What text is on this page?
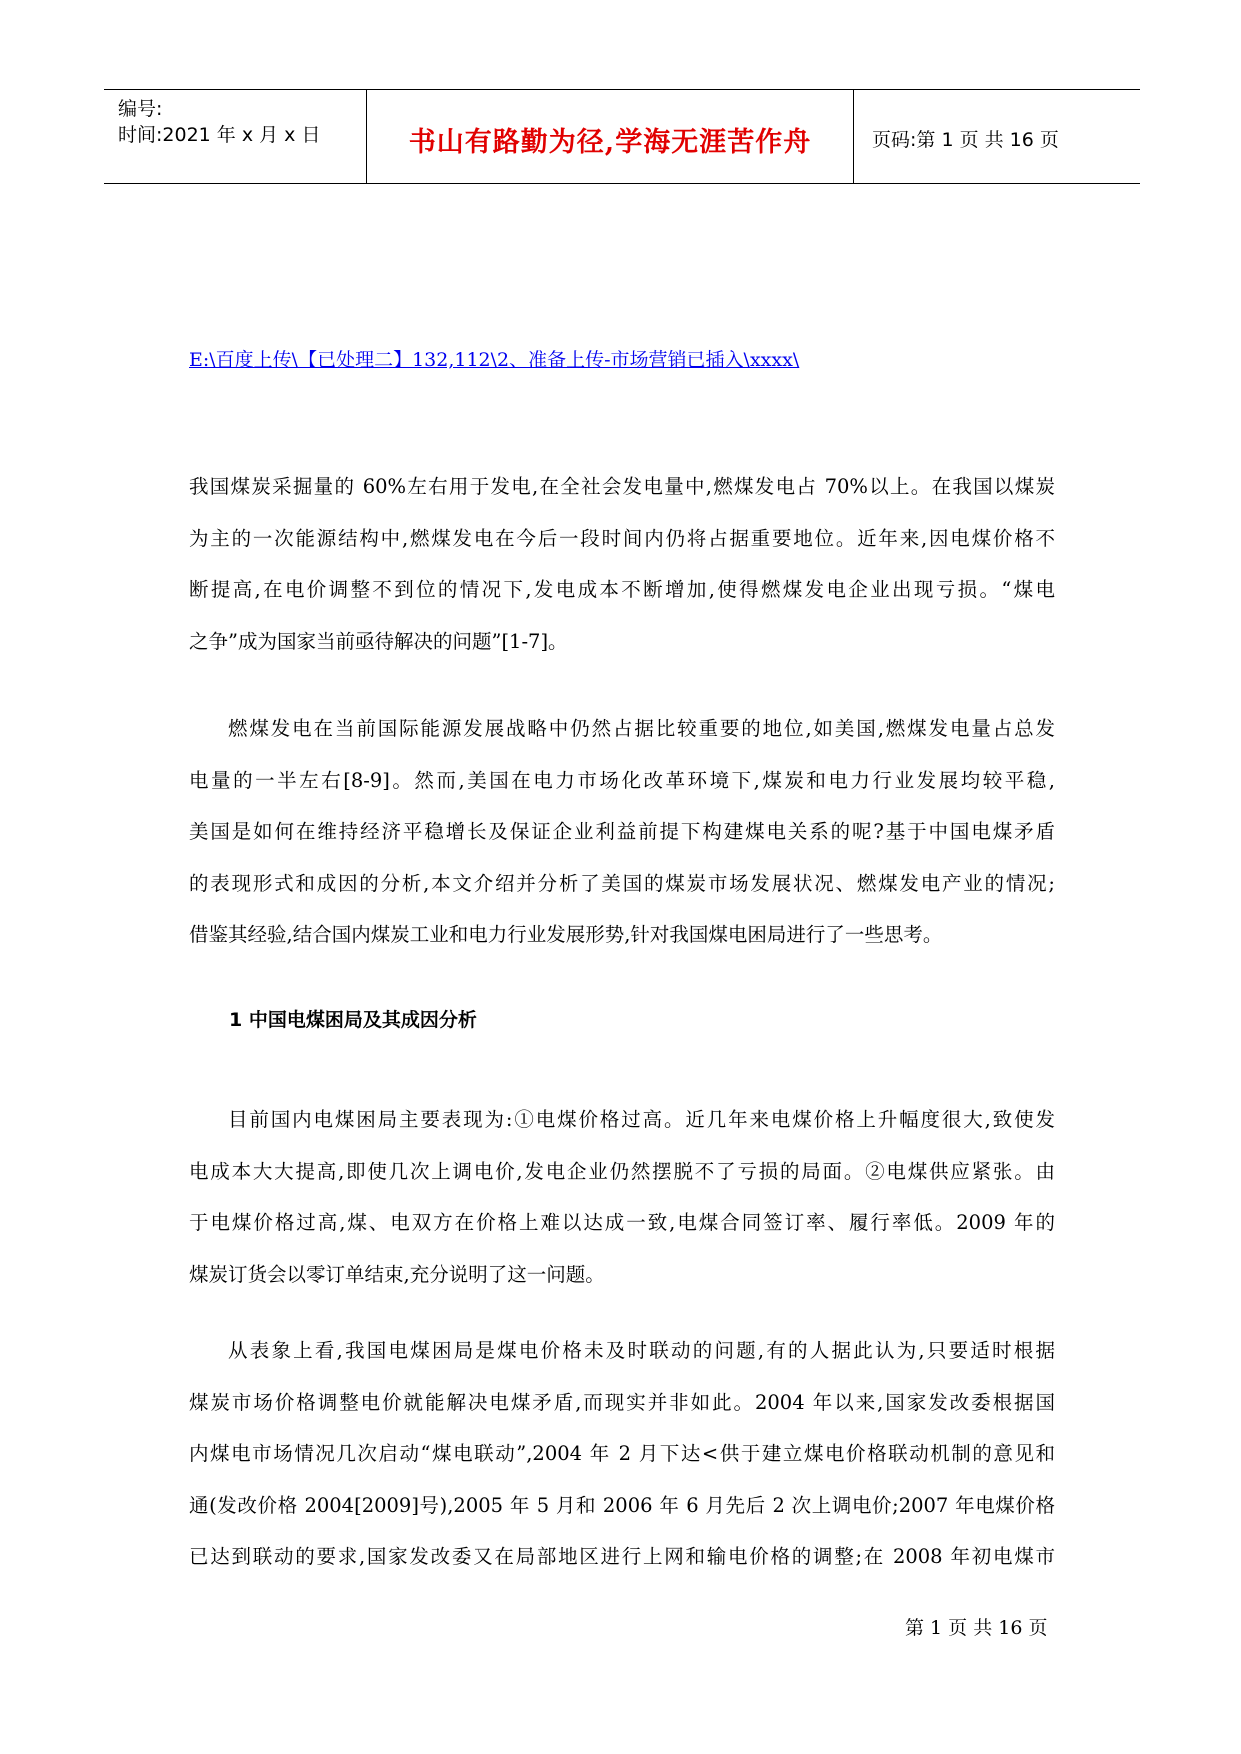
编号:
时间:2021 年 x 月 x 日	书山有路勤为径,学海无涯苦作舟	页码:第 1 页 共 16 页
E:\百度上传\【已处理二】132,112\2、准备上传-市场营销已插入\xxxx\
我国煤炭采掘量的 60%左右用于发电,在全社会发电量中,燃煤发电占 70%以上。在我国以煤炭
为主的一次能源结构中,燃煤发电在今后一段时间内仍将占据重要地位。近年来,因电煤价格不
断提高,在电价调整不到位的情况下,发电成本不断增加,使得燃煤发电企业出现亏损。“煤电
之争”成为国家当前亟待解决的问题”[1-7]。
燃煤发电在当前国际能源发展战略中仍然占据比较重要的地位,如美国,燃煤发电量占总发
电量的一半左右[8-9]。然而,美国在电力市场化改革环境下,煤炭和电力行业发展均较平稳,
美国是如何在维持经济平稳增长及保证企业利益前提下构建煤电关系的呢?基于中国电煤矛盾
的表现形式和成因的分析,本文介绍并分析了美国的煤炭市场发展状况、燃煤发电产业的情况;
借鉴其经验,结合国内煤炭工业和电力行业发展形势,针对我国煤电困局进行了一些思考。
1 中国电煤困局及其成因分析
目前国内电煤困局主要表现为:①电煤价格过高。近几年来电煤价格上升幅度很大,致使发
电成本大大提高,即使几次上调电价,发电企业仍然摆脱不了亏损的局面。②电煤供应紧张。由
于电煤价格过高,煤、电双方在价格上难以达成一致,电煤合同签订率、履行率低。2009 年的
煤炭订货会以零订单结束,充分说明了这一问题。
从表象上看,我国电煤困局是煤电价格未及时联动的问题,有的人据此认为,只要适时根据
煤炭市场价格调整电价就能解决电煤矛盾,而现实并非如此。2004 年以来,国家发改委根据国
内煤电市场情况几次启动“煤电联动”,2004 年 2 月下达<供于建立煤电价格联动机制的意见和
通(发改价格 2004[2009]号),2005 年 5 月和 2006 年 6 月先后 2 次上调电价;2007 年电煤价格
已达到联动的要求,国家发改委又在局部地区进行上网和输电价格的调整;在 2008 年初电煤市
第 1 页 共 16 页
